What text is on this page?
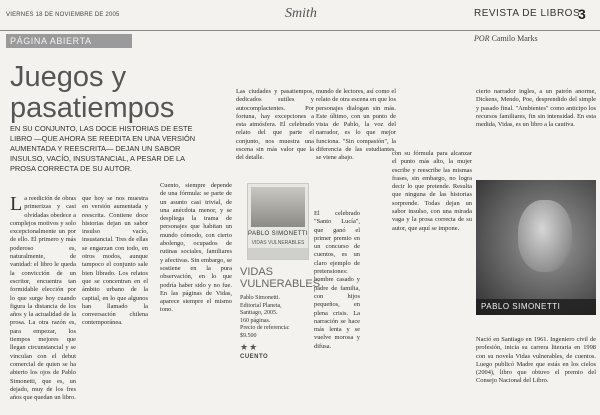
VIERNES 18 DE NOVIEMBRE DE 2005	Smith	REVISTA DE LIBROS
3
PÁGINA ABIERTA	POR Camilo Marks
Juegos y
pasatiempos
EN SU CONJUNTO, LAS DOCE HISTORIAS DE ESTE LIBRO —QUE AHORA SE REEDITA EN UNA VERSIÓN AUMENTADA Y REESCRITA— DEJAN UN SABOR INSULSO, VACÍO, INSUSTANCIAL, A PESAR DE LA PROSA CORRECTA DE SU AUTOR.
L a reedición de obras primerizas y casi olvidadas obedece a complejos motivos y solo excepcionalmente un por de ello. El primero y más poderoso es, naturalmente, de vanidad: el libro le queda la convicción de un escritor, encuentra tan formidable elección por lo que surge hoy cuando figura la distancia de los años y la actualidad de la prosa. La otra razón es, para empezar, los tiempos mejores que llegan circunstancial y se vinculan con el debut comercial de quien se ha abierto los ojos de Pablo Simonetti, que es, un dejado, muy de los fres años que quedan un libro.
que hoy se nos muestra en versión aumentada y reescrita. Contiene doce historias dejan un sabor insulso vacío, insustancial. Tres de ellas se engarzan con todo, en otros modos, aunque tampoco el conjunto sale bien librado. Los relatos que se concentran en el ámbito urbano de la capital, en lo que algunos han llamado la conversación chilena contemporánea.
Cuento, siempre depende de una fórmula: se parte de un asunto casi trivial, de una anécdota menor, y se despliega la trama de personajes que habitan un mundo cómodo, con cierto abolengo, ocupados de rutinas sociales, familiares y afectivas. Sin embargo, se sostiene en la pura observación, en lo que podría haber sido y no fue. En las páginas de Vidas, aparece siempre el mismo tono.
Las ciudades y pasatiempos, dedicados sutiles y autocomplacientes. Por fortuna, hay excepciones a esta atmósfera. El celebrado relato del que parte el conjunto, nos muestra una escena sin más valor que la del detalle.
El celebrado "Santo Lucía", que ganó el primer premio en un concurso de cuentos, es un claro ejemplo de pretensiones: hombre casado y padre de familia, con hijos pequeños, en plena crisis. La narración se hace más lenta y se vuelve morosa y difusa.
mundo de lectores, así como el relato de otra escena en que los personajes dialogan sin más. Este último, con un punto de vista de Pablo, la voz del narrador, es lo que mejor funciona. "Sin compasión", la diferencia de las estudiantes, se viene abajo.
con su fórmula para alcanzar el punto más alto, la mujer escribe y reescribe las mismas frases, sin embargo, no logra decir lo que pretende. Resulta que ninguna de las historias sorprende. Todas dejan un sabor insulso, con una mirada vaga y la prosa correcta de su autor, que aquí se impone.
cierto narrador ingles, a un patrón anorme, Dickens, Mendo, Poe, desprendido del simple y pasado final. "Ambientes" como anticipo los recursos familiares, fin sin intensidad. En esta medida, Vidas, es un libro a la cautiva.
PABLO SIMONETTI
VIDAS VULNERABLES
VIDAS VULNERABLES
Pablo Simonetti.
Editorial Planeta,
Santiago, 2005.
160 páginas.
Precio de referencia:
$9.500
★★
CUENTO
PABLO SIMONETTI
Nació en Santiago en 1961. Ingeniero civil de profesión, inicia su carrera literaria en 1998 con su novela Vidas vulnerables, de cuentos. Luego publicó Madre que estás en los cielos (2004), libro que obtuvo el premio del Consejo Nacional del Libro.
